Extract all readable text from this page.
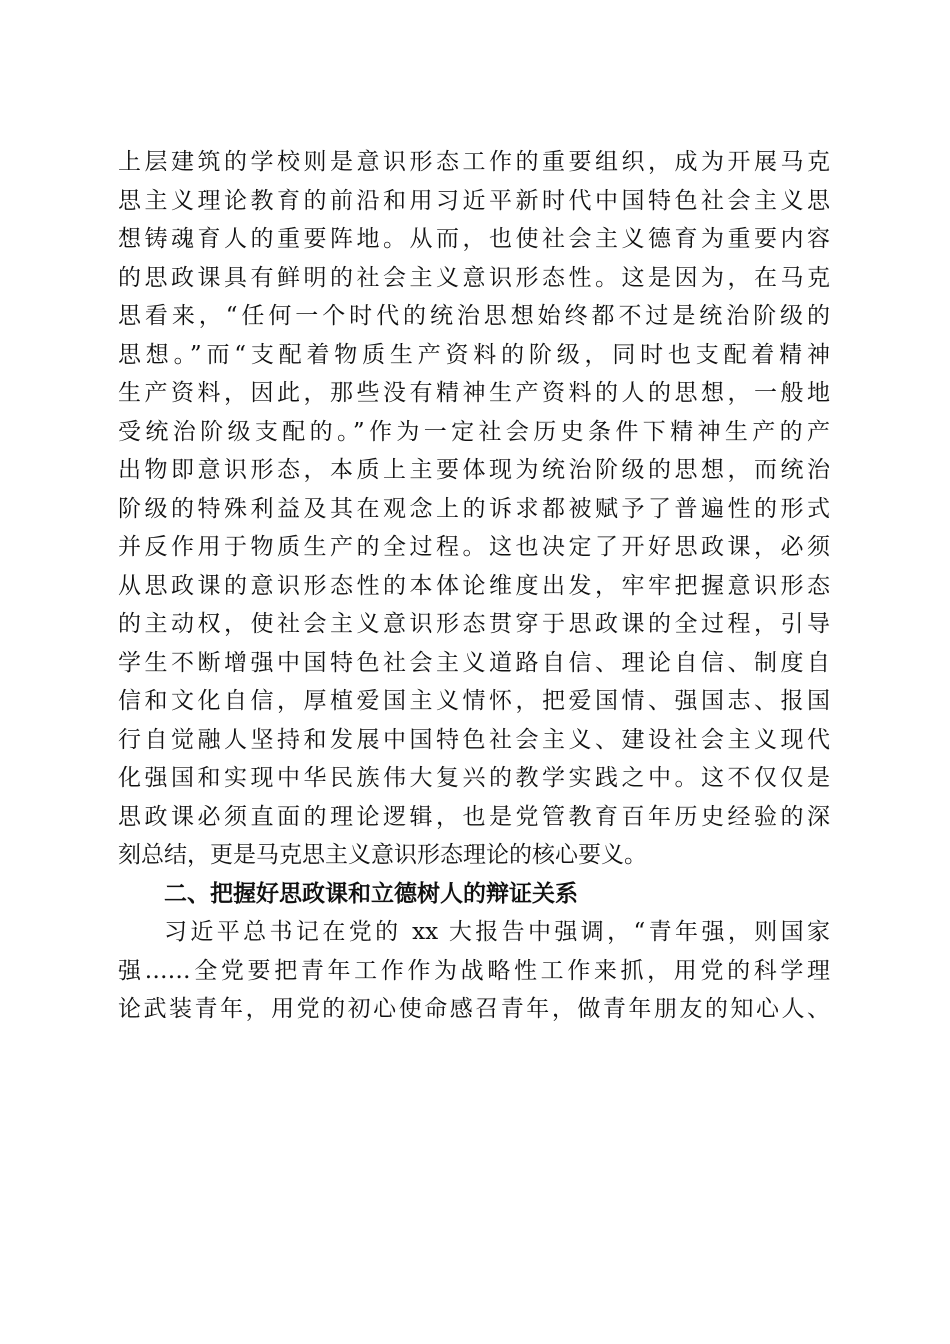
上层建筑的学校则是意识形态工作的重要组织，成为开展马克
思主义理论教育的前沿和用习近平新时代中国特色社会主义思
想铸魂育人的重要阵地。从而，也使社会主义德育为重要内容
的思政课具有鲜明的社会主义意识形态性。这是因为，在马克
思看来，“任何一个时代的统治思想始终都不过是统治阶级的
思想。”而“支配着物质生产资料的阶级，同时也支配着精神
生产资料，因此，那些没有精神生产资料的人的思想，一般地
受统治阶级支配的。”作为一定社会历史条件下精神生产的产
出物即意识形态，本质上主要体现为统治阶级的思想，而统治
阶级的特殊利益及其在观念上的诉求都被赋予了普遍性的形式
并反作用于物质生产的全过程。这也决定了开好思政课，必须
从思政课的意识形态性的本体论维度出发，牢牢把握意识形态
的主动权，使社会主义意识形态贯穿于思政课的全过程，引导
学生不断增强中国特色社会主义道路自信、理论自信、制度自
信和文化自信，厚植爱国主义情怀，把爱国情、强国志、报国
行自觉融人坚持和发展中国特色社会主义、建设社会主义现代
化强国和实现中华民族伟大复兴的教学实践之中。这不仅仅是
思政课必须直面的理论逻辑，也是党管教育百年历史经验的深
刻总结，更是马克思主义意识形态理论的核心要义。
二、把握好思政课和立德树人的辩证关系
习近平总书记在党的 xx 大报告中强调，“青年强，则国家
强……全党要把青年工作作为战略性工作来抓，用党的科学理
论武装青年，用党的初心使命感召青年，做青年朋友的知心人、
